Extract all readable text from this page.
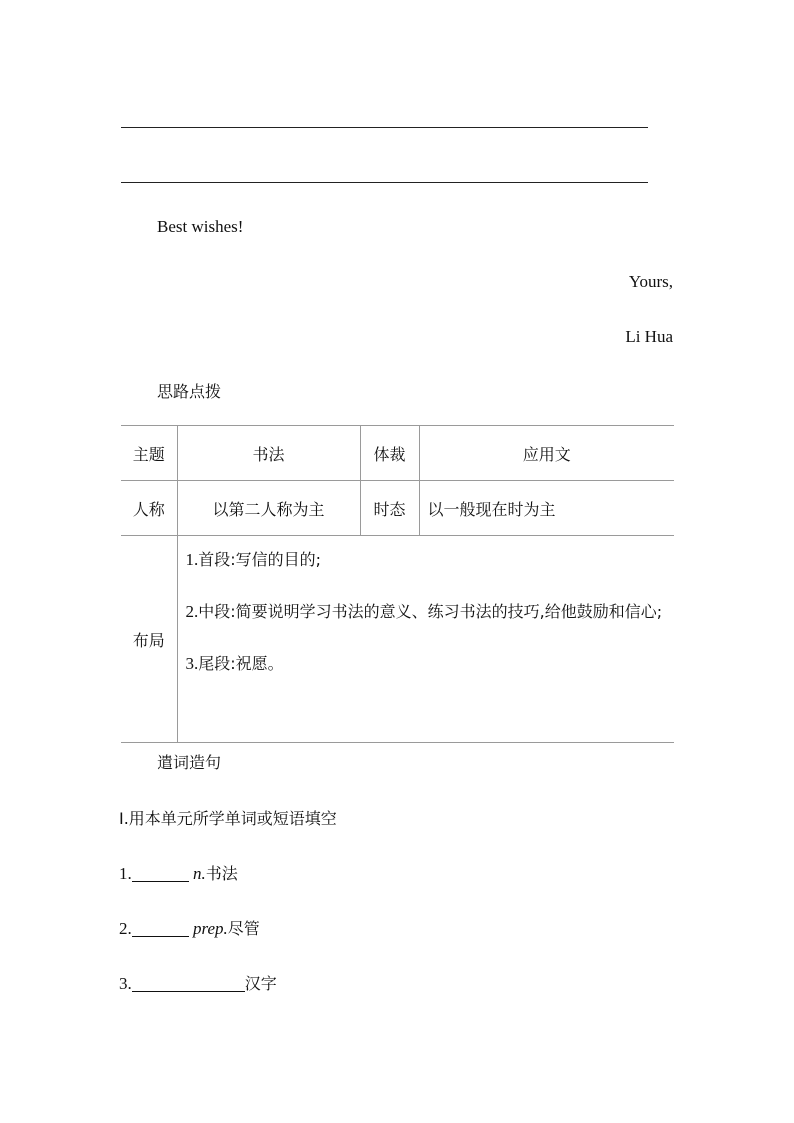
Best wishes!
Yours,
Li Hua
思路点拨
主题	书法	体裁	应用文
人称	以第二人称为主	时态	以一般现在时为主
布局	1.首段:写信的目的;

2.中段:简要说明学习书法的意义、练习书法的技巧,给他鼓励和信心;

3.尾段:祝愿。		

遣词造句
Ⅰ.用本单元所学单词或短语填空
1.	n.书法
2.	prep.尽管
3.	汉字
